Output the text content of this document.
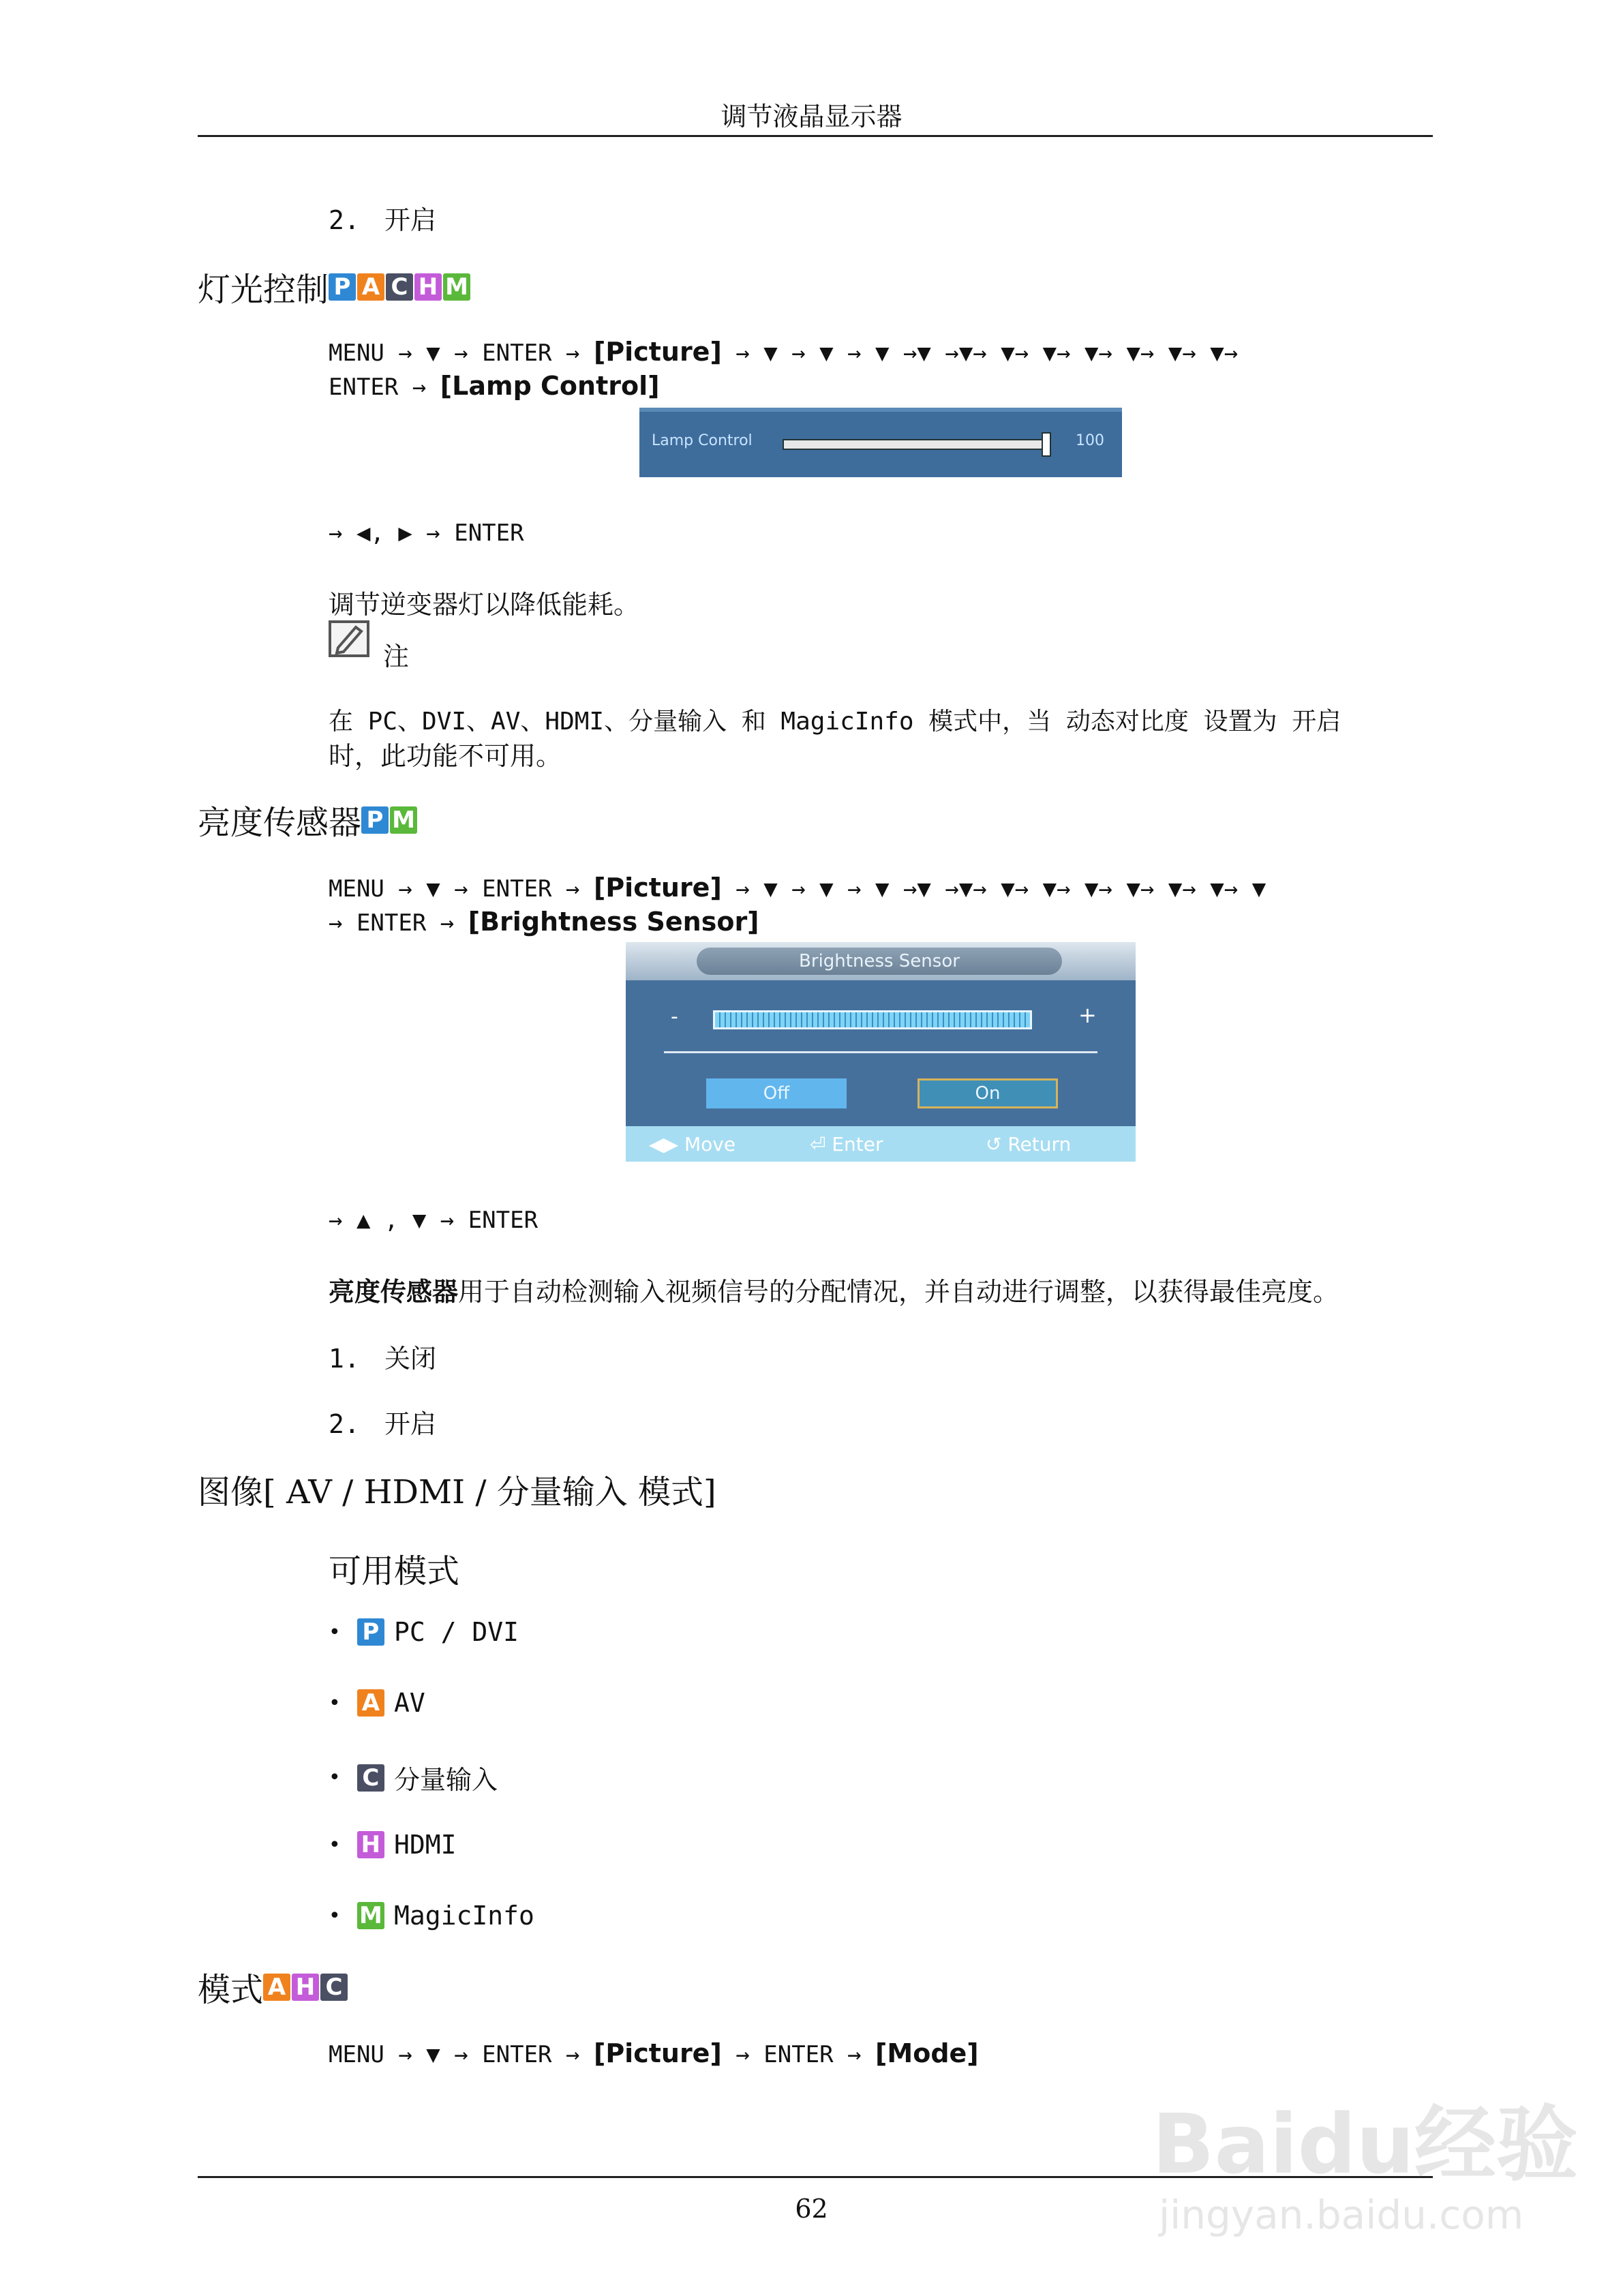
调节液晶显示器
2. 开启
灯光控制 P A C H M
MENU → ▼ → ENTER → [Picture] → ▼ → ▼ → ▼ →▼ →▼→ ▼→ ▼→ ▼→ ▼→ ▼→ ▼→
ENTER → [Lamp Control]
Lamp Control	100
→ ◀, ▶ → ENTER
调节逆变器灯以降低能耗。
注
在 PC、DVI、AV、HDMI、分量输入 和 MagicInfo 模式中，当 动态对比度 设置为 开启
时，此功能不可用。
亮度传感器 P M
MENU → ▼ → ENTER → [Picture] → ▼ → ▼ → ▼ →▼ →▼→ ▼→ ▼→ ▼→ ▼→ ▼→ ▼→ ▼
→ ENTER → [Brightness Sensor]
Brightness Sensor
-	+
Off	On
◀▶ Move	⏎ Enter	↺ Return
→ ▲ , ▼ → ENTER
亮度传感器用于自动检测输入视频信号的分配情况，并自动进行调整，以获得最佳亮度。
1. 关闭
2. 开启
图像[ AV / HDMI / 分量输入 模式]
可用模式
•
P
PC / DVI
•
A
AV
•
C
分量输入
•
H
HDMI
•
M
MagicInfo
模式 A H C
MENU → ▼ → ENTER → [Picture] → ENTER → [Mode]
62
Baidu经验
jingyan.baidu.com
